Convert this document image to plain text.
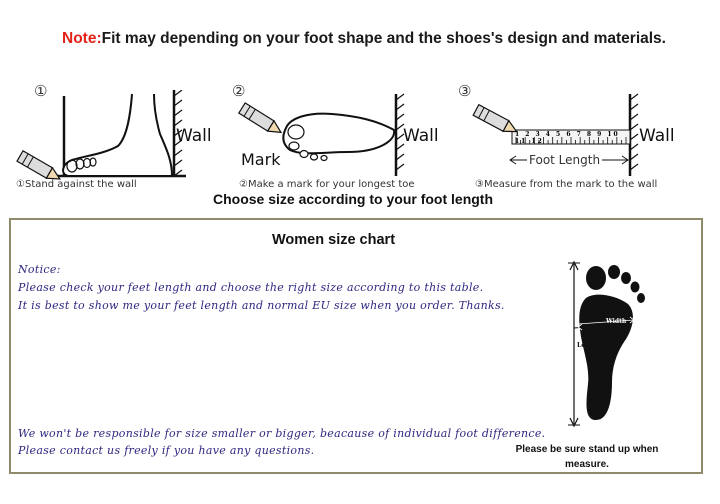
Note:Fit may depending on your foot shape and the shoes's design and materials.
①
Wall
①Stand against the wall
②
Mark
Wall
②Make a mark for your longest toe
③
1 2 3 4 5 6 7 8 9 10 11 12
Foot Length
Wall
③Measure from the mark to the wall
Choose size according to your foot length
Women size chart
Notice:
Please check your feet length and choose the right size according to this table.
It is best to show me your feet length and normal EU size when you order. Thanks.
We won't be responsible for size smaller or bigger, beacause of individual foot difference.
Please contact us freely if you have any questions.
Width
Length
Please be sure stand up when measure.
